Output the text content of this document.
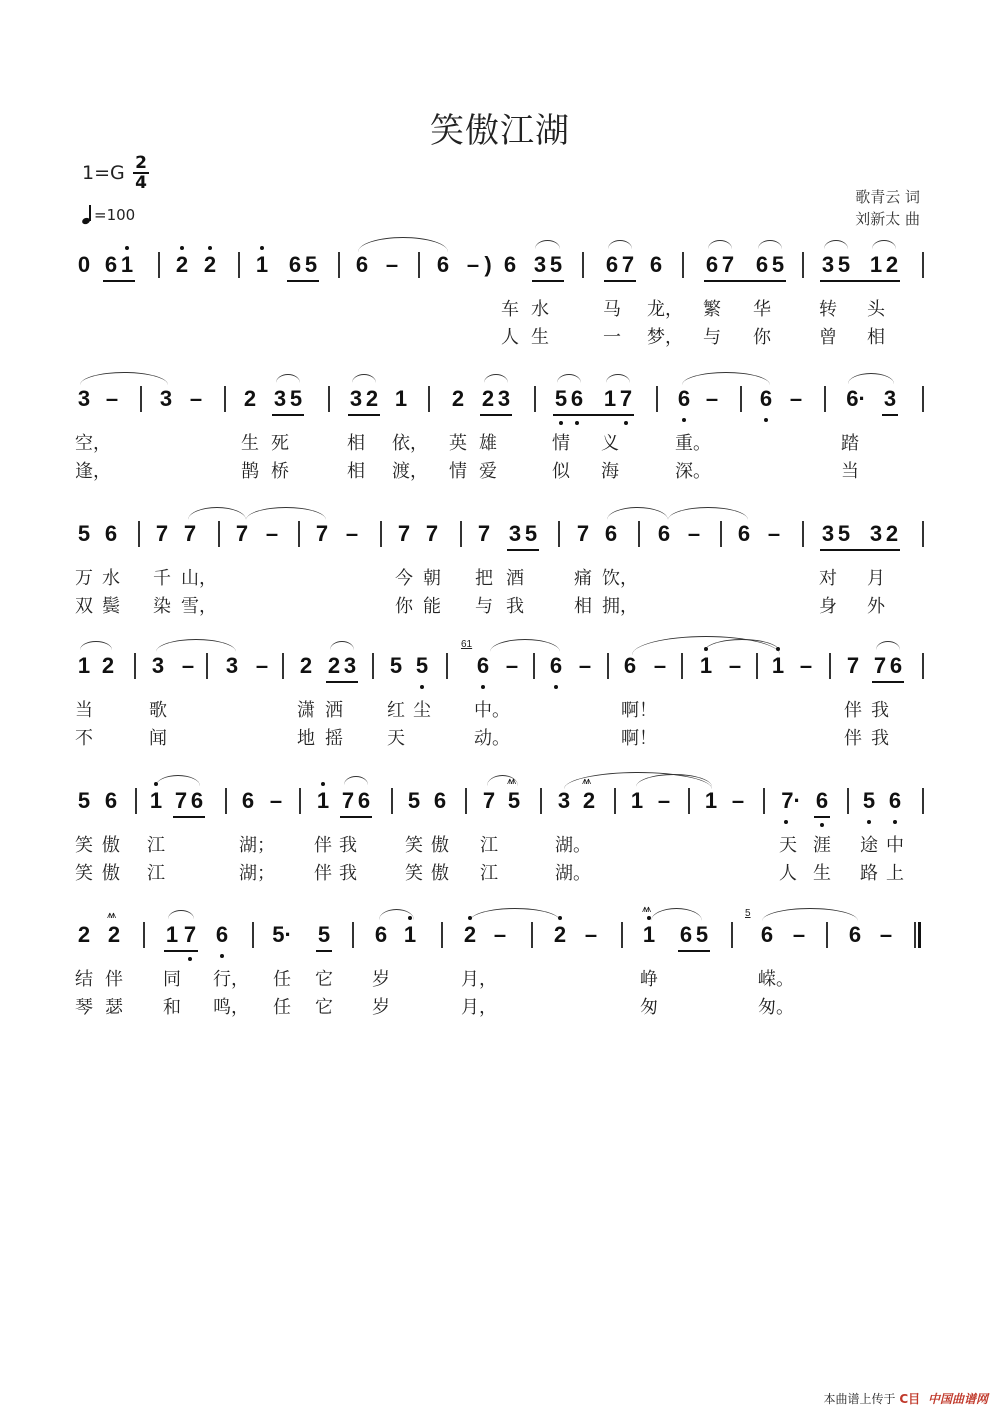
笑傲江湖
$1=G \frac{2}{4}$
=100
歌青云 词
刘新太 曲
0 6 1 2 2 1 6 5 6 – 6 – ) 6 3 5 6 7 6 6 7 6 5 3 5 1 2
车 水	马 龙， 繁 华	转 头
人 生	一 梦， 与 你	曾 相
3 – 3 – 2 3 5 3 2 1 2 2 3 5 6 1 7 6 – 6 – 6· 3
空，	生 死	相 依， 英 雄	情 义	重。	踏
逢，	鹊 桥	相 渡， 情 爱	似 海	深。	当
5 6 7 7 7 – 7 – 7 7 7 3 5 7 6 6 – 6 – 3 5 3 2
万 水 千 山，	今 朝 把 酒	痛 饮，	对 月
双 鬓 染 雪，	你 能 与 我	相 拥，	身 外
1 2 3 – 3 – 2 2 3 5 5 6
61
– 6 – 6 – 1 – 1 – 7 7 6
当	歌	潇 洒 红 尘 中。	啊！	伴 我
不	闻	地 摇 天	动。	啊！	伴 我
5 6 1 7 6 6 – 1 7 6 5 6 7 5
⩚⩚
3 2
⩚⩚
1 – 1 – 7· 6 5 6
笑 傲 江	湖； 伴 我	笑 傲 江	湖。	天 涯 途 中
笑 傲 江	湖； 伴 我	笑 傲 江	湖。	人 生 路 上
2 2
⩚⩚
1 7 6 5· 5 6 1 2 – 2 – 1
⩚⩚
6 5 6
5
– 6 –
结 伴 同 行， 任 它 岁	月，	峥	嵘。
琴 瑟 和 鸣， 任 它 岁	月，	匆	匆。
本曲谱上传于 C目 中国曲谱网
